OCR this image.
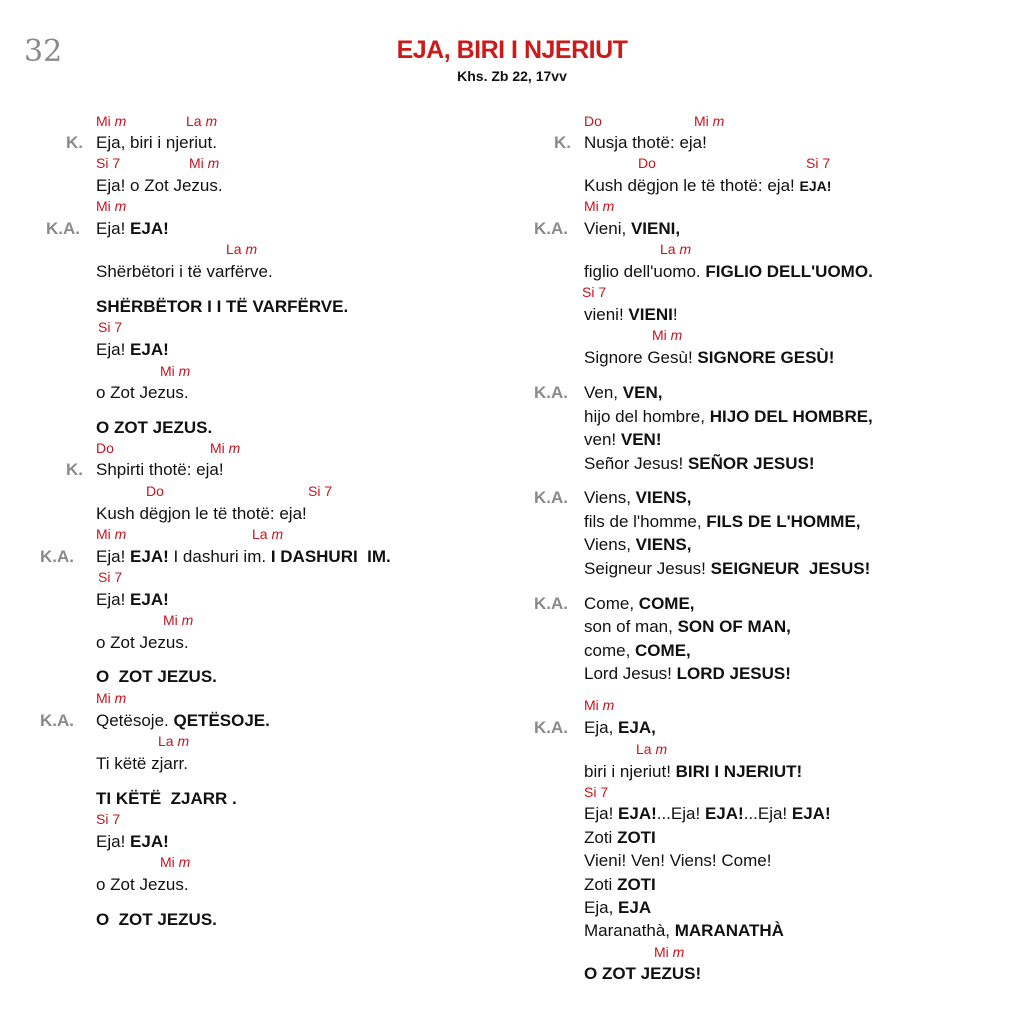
32	EJA, BIRI I NJERIUT
Khs. Zb 22, 17vv
Mi m	La m
K. Eja, biri i njeriut.
Si 7	Mi m
Eja! o Zot Jezus.
Mi m
K.A. Eja! EJA!
La m
Shërbëtori i të varfërve.
SHËRBËTOR I I TË VARFËRVE.
Si 7
Eja! EJA!
Mi m
o Zot Jezus.
O ZOT JEZUS.
Do	Mi m
K. Shpirti thotë: eja!
Do	Si 7
Kush dëgjon le të thotë: eja!
Mi m	La m
K.A. Eja! EJA! I dashuri im. I DASHURI  IM.
Si 7
Eja! EJA!
Mi m
o Zot Jezus.
O  ZOT JEZUS.
Mi m
K.A. Qetësoje. QETËSOJE.
La m
Ti këtë zjarr.
TI KËTË  ZJARR .
Si 7
Eja! EJA!
Mi m
o Zot Jezus.
O  ZOT JEZUS.
Do	Mi m
K. Nusja thotë: eja!
Do	Si 7
Kush dëgjon le të thotë: eja! EJA!
Mi m
K.A. Vieni, VIENI,
La m
figlio dell'uomo. FIGLIO DELL'UOMO.
Si 7
vieni! VIENI!
Mi m
Signore Gesù! SIGNORE GESÙ!
K.A. Ven, VEN,
hijo del hombre, HIJO DEL HOMBRE,
ven! VEN!
Señor Jesus! SEÑOR JESUS!
K.A. Viens, VIENS,
fils de l'homme, FILS DE L'HOMME,
Viens, VIENS,
Seigneur Jesus! SEIGNEUR  JESUS!
K.A. Come, COME,
son of man, SON OF MAN,
come, COME,
Lord Jesus! LORD JESUS!
Mi m
K.A. Eja, EJA,
La m
biri i njeriut! BIRI I NJERIUT!
Si 7
Eja! EJA!...Eja! EJA!...Eja! EJA!
Zoti ZOTI
Vieni! Ven! Viens! Come!
Zoti ZOTI
Eja, EJA
Maranathà, MARANATHÀ
Mi m
O ZOT JEZUS!
